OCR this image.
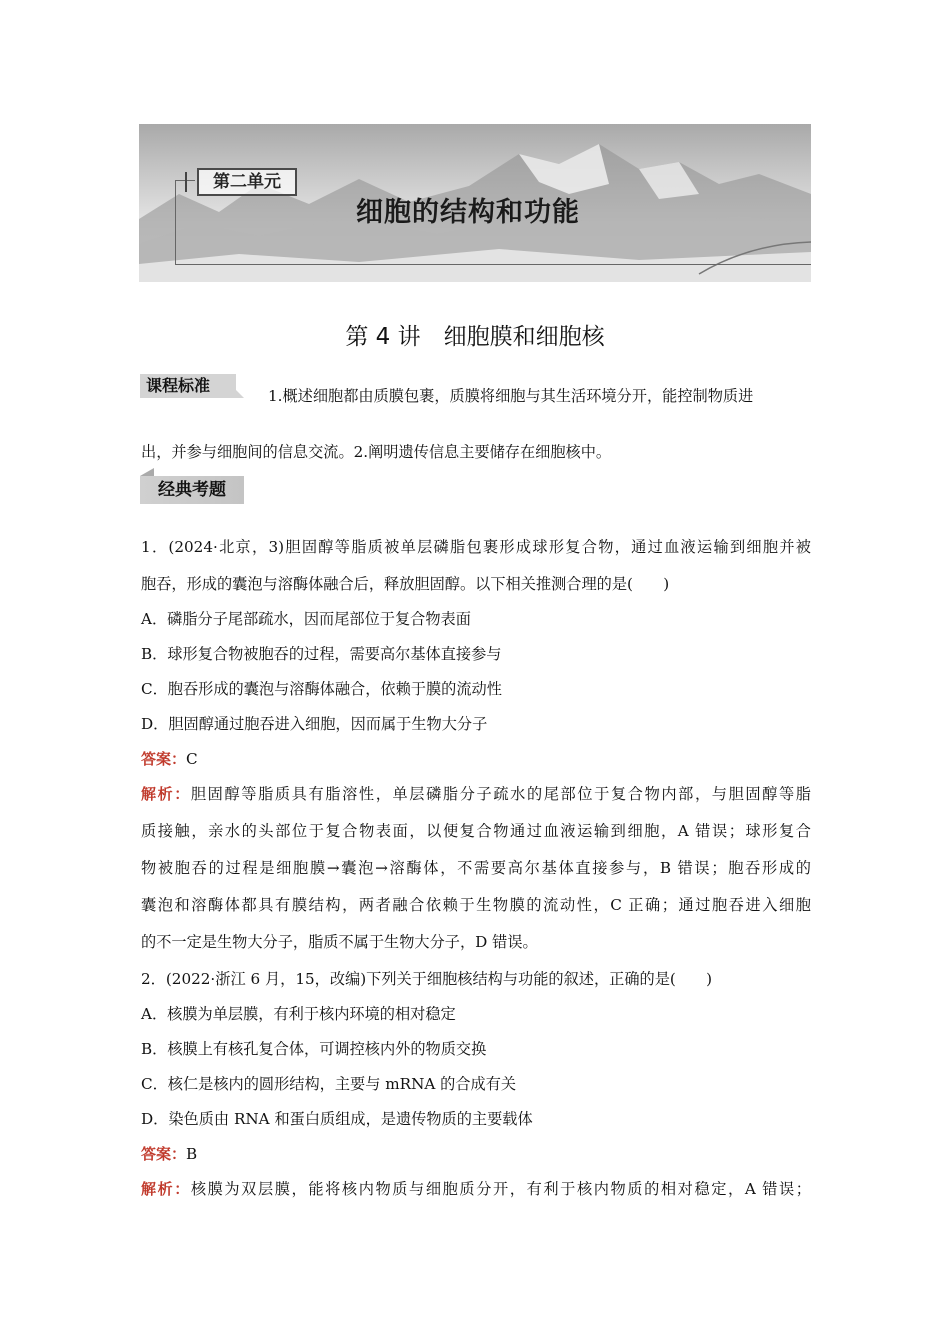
第二单元
细胞的结构和功能
第 4 讲　细胞膜和细胞核
课程标准
1.概述细胞都由质膜包裹，质膜将细胞与其生活环境分开，能控制物质进
出，并参与细胞间的信息交流。2.阐明遗传信息主要储存在细胞核中。
经典考题
1．(2024·北京，3)胆固醇等脂质被单层磷脂包裹形成球形复合物，通过血液运输到细胞并被
胞吞，形成的囊泡与溶酶体融合后，释放胆固醇。以下相关推测合理的是(　　)
A．磷脂分子尾部疏水，因而尾部位于复合物表面
B．球形复合物被胞吞的过程，需要高尔基体直接参与
C．胞吞形成的囊泡与溶酶体融合，依赖于膜的流动性
D．胆固醇通过胞吞进入细胞，因而属于生物大分子
答案：C
解析：胆固醇等脂质具有脂溶性，单层磷脂分子疏水的尾部位于复合物内部，与胆固醇等脂
质接触，亲水的头部位于复合物表面，以便复合物通过血液运输到细胞，A 错误；球形复合
物被胞吞的过程是细胞膜→囊泡→溶酶体，不需要高尔基体直接参与，B 错误；胞吞形成的
囊泡和溶酶体都具有膜结构，两者融合依赖于生物膜的流动性，C 正确；通过胞吞进入细胞
的不一定是生物大分子，脂质不属于生物大分子，D 错误。
2．(2022·浙江 6 月，15，改编)下列关于细胞核结构与功能的叙述，正确的是(　　)
A．核膜为单层膜，有利于核内环境的相对稳定
B．核膜上有核孔复合体，可调控核内外的物质交换
C．核仁是核内的圆形结构，主要与 mRNA 的合成有关
D．染色质由 RNA 和蛋白质组成，是遗传物质的主要载体
答案：B
解析：核膜为双层膜，能将核内物质与细胞质分开，有利于核内物质的相对稳定，A 错误；
